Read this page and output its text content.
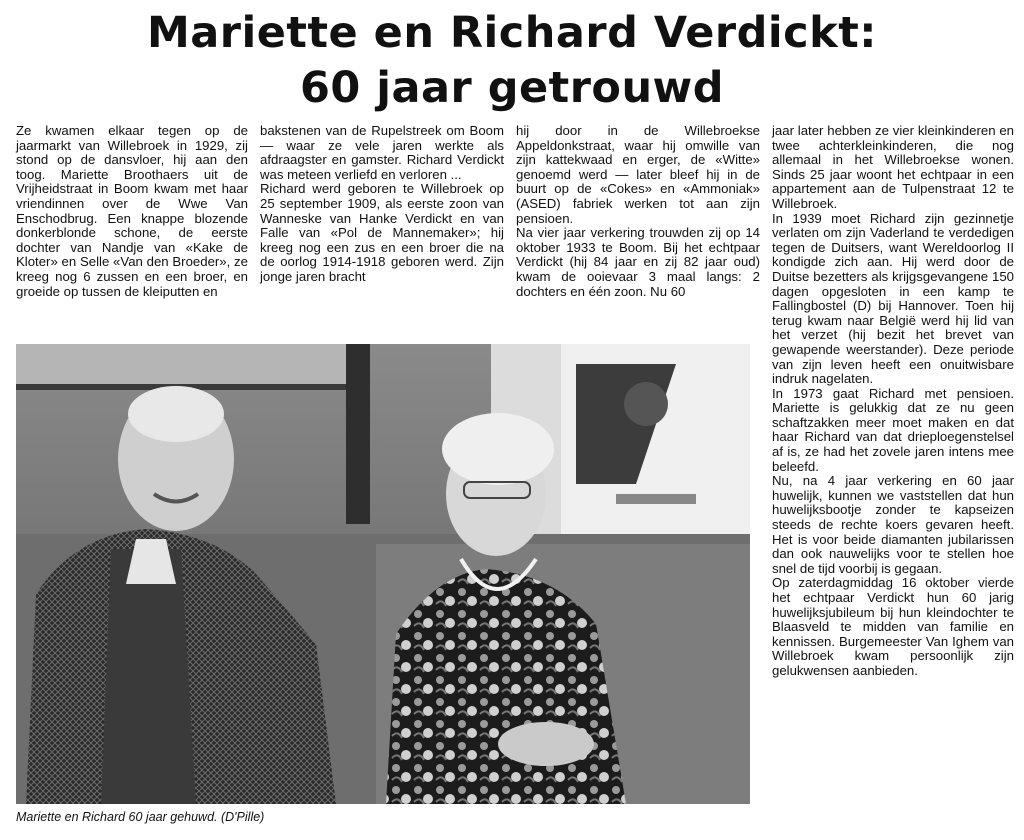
Mariette en Richard Verdickt:
60 jaar getrouwd

Ze kwamen elkaar tegen op de jaarmarkt van Willebroek in 1929, zij stond op de dansvloer, hij aan den toog. Mariette Broothaers uit de Vrijheidstraat in Boom kwam met haar vriendinnen over de Wwe Van Enschodbrug. Een knappe blozende donkerblonde schone, de eerste dochter van Nandje van «Kake de Kloter» en Selle «Van den Broeder», ze kreeg nog 6 zussen en een broer, en groeide op tussen de kleiputten en

bakstenen van de Rupelstreek om Boom — waar ze vele jaren werkte als afdraagster en gamster. Richard Verdickt was meteen verliefd en verloren ...

Richard werd geboren te Willebroek op 25 september 1909, als eerste zoon van Wanneske van Hanke Verdickt en van Falle van «Pol de Mannemaker»; hij kreeg nog een zus en een broer die na de oorlog 1914-1918 geboren werd. Zijn jonge jaren bracht

hij door in de Willebroekse Appeldonkstraat, waar hij omwille van zijn kattekwaad en erger, de «Witte» genoemd werd — later bleef hij in de buurt op de «Cokes» en «Ammoniak» (ASED) fabriek werken tot aan zijn pensioen.

Na vier jaar verkering trouwden zij op 14 oktober 1933 te Boom. Bij het echtpaar Verdickt (hij 84 jaar en zij 82 jaar oud) kwam de ooievaar 3 maal langs: 2 dochters en één zoon. Nu 60

jaar later hebben ze vier kleinkinderen en twee achterkleinkinderen, die nog allemaal in het Willebroekse wonen. Sinds 25 jaar woont het echtpaar in een appartement aan de Tulpenstraat 12 te Willebroek.

In 1939 moet Richard zijn gezinnetje verlaten om zijn Vaderland te verdedigen tegen de Duitsers, want Wereldoorlog II kondigde zich aan. Hij werd door de Duitse bezetters als krijgsgevangene 150 dagen opgesloten in een kamp te Fallingbostel (D) bij Hannover. Toen hij terug kwam naar België werd hij lid van het verzet (hij bezit het brevet van gewapende weerstander). Deze periode van zijn leven heeft een onuitwisbare indruk nagelaten.

In 1973 gaat Richard met pensioen. Mariette is gelukkig dat ze nu geen schaftzakken meer moet maken en dat haar Richard van dat drieploegenstelsel af is, ze had het zovele jaren intens mee beleefd.

Nu, na 4 jaar verkering en 60 jaar huwelijk, kunnen we vaststellen dat hun huwelijksbootje zonder te kapseizen steeds de rechte koers gevaren heeft. Het is voor beide diamanten jubilarissen dan ook nauwelijks voor te stellen hoe snel de tijd voorbij is gegaan.

Op zaterdagmiddag 16 oktober vierde het echtpaar Verdickt hun 60 jarig huwelijksjubileum bij hun kleindochter te Blaasveld te midden van familie en kennissen. Burgemeester Van Ighem van Willebroek kwam persoonlijk zijn gelukwensen aanbieden.

Mariette en Richard 60 jaar gehuwd. (D'Pille)
